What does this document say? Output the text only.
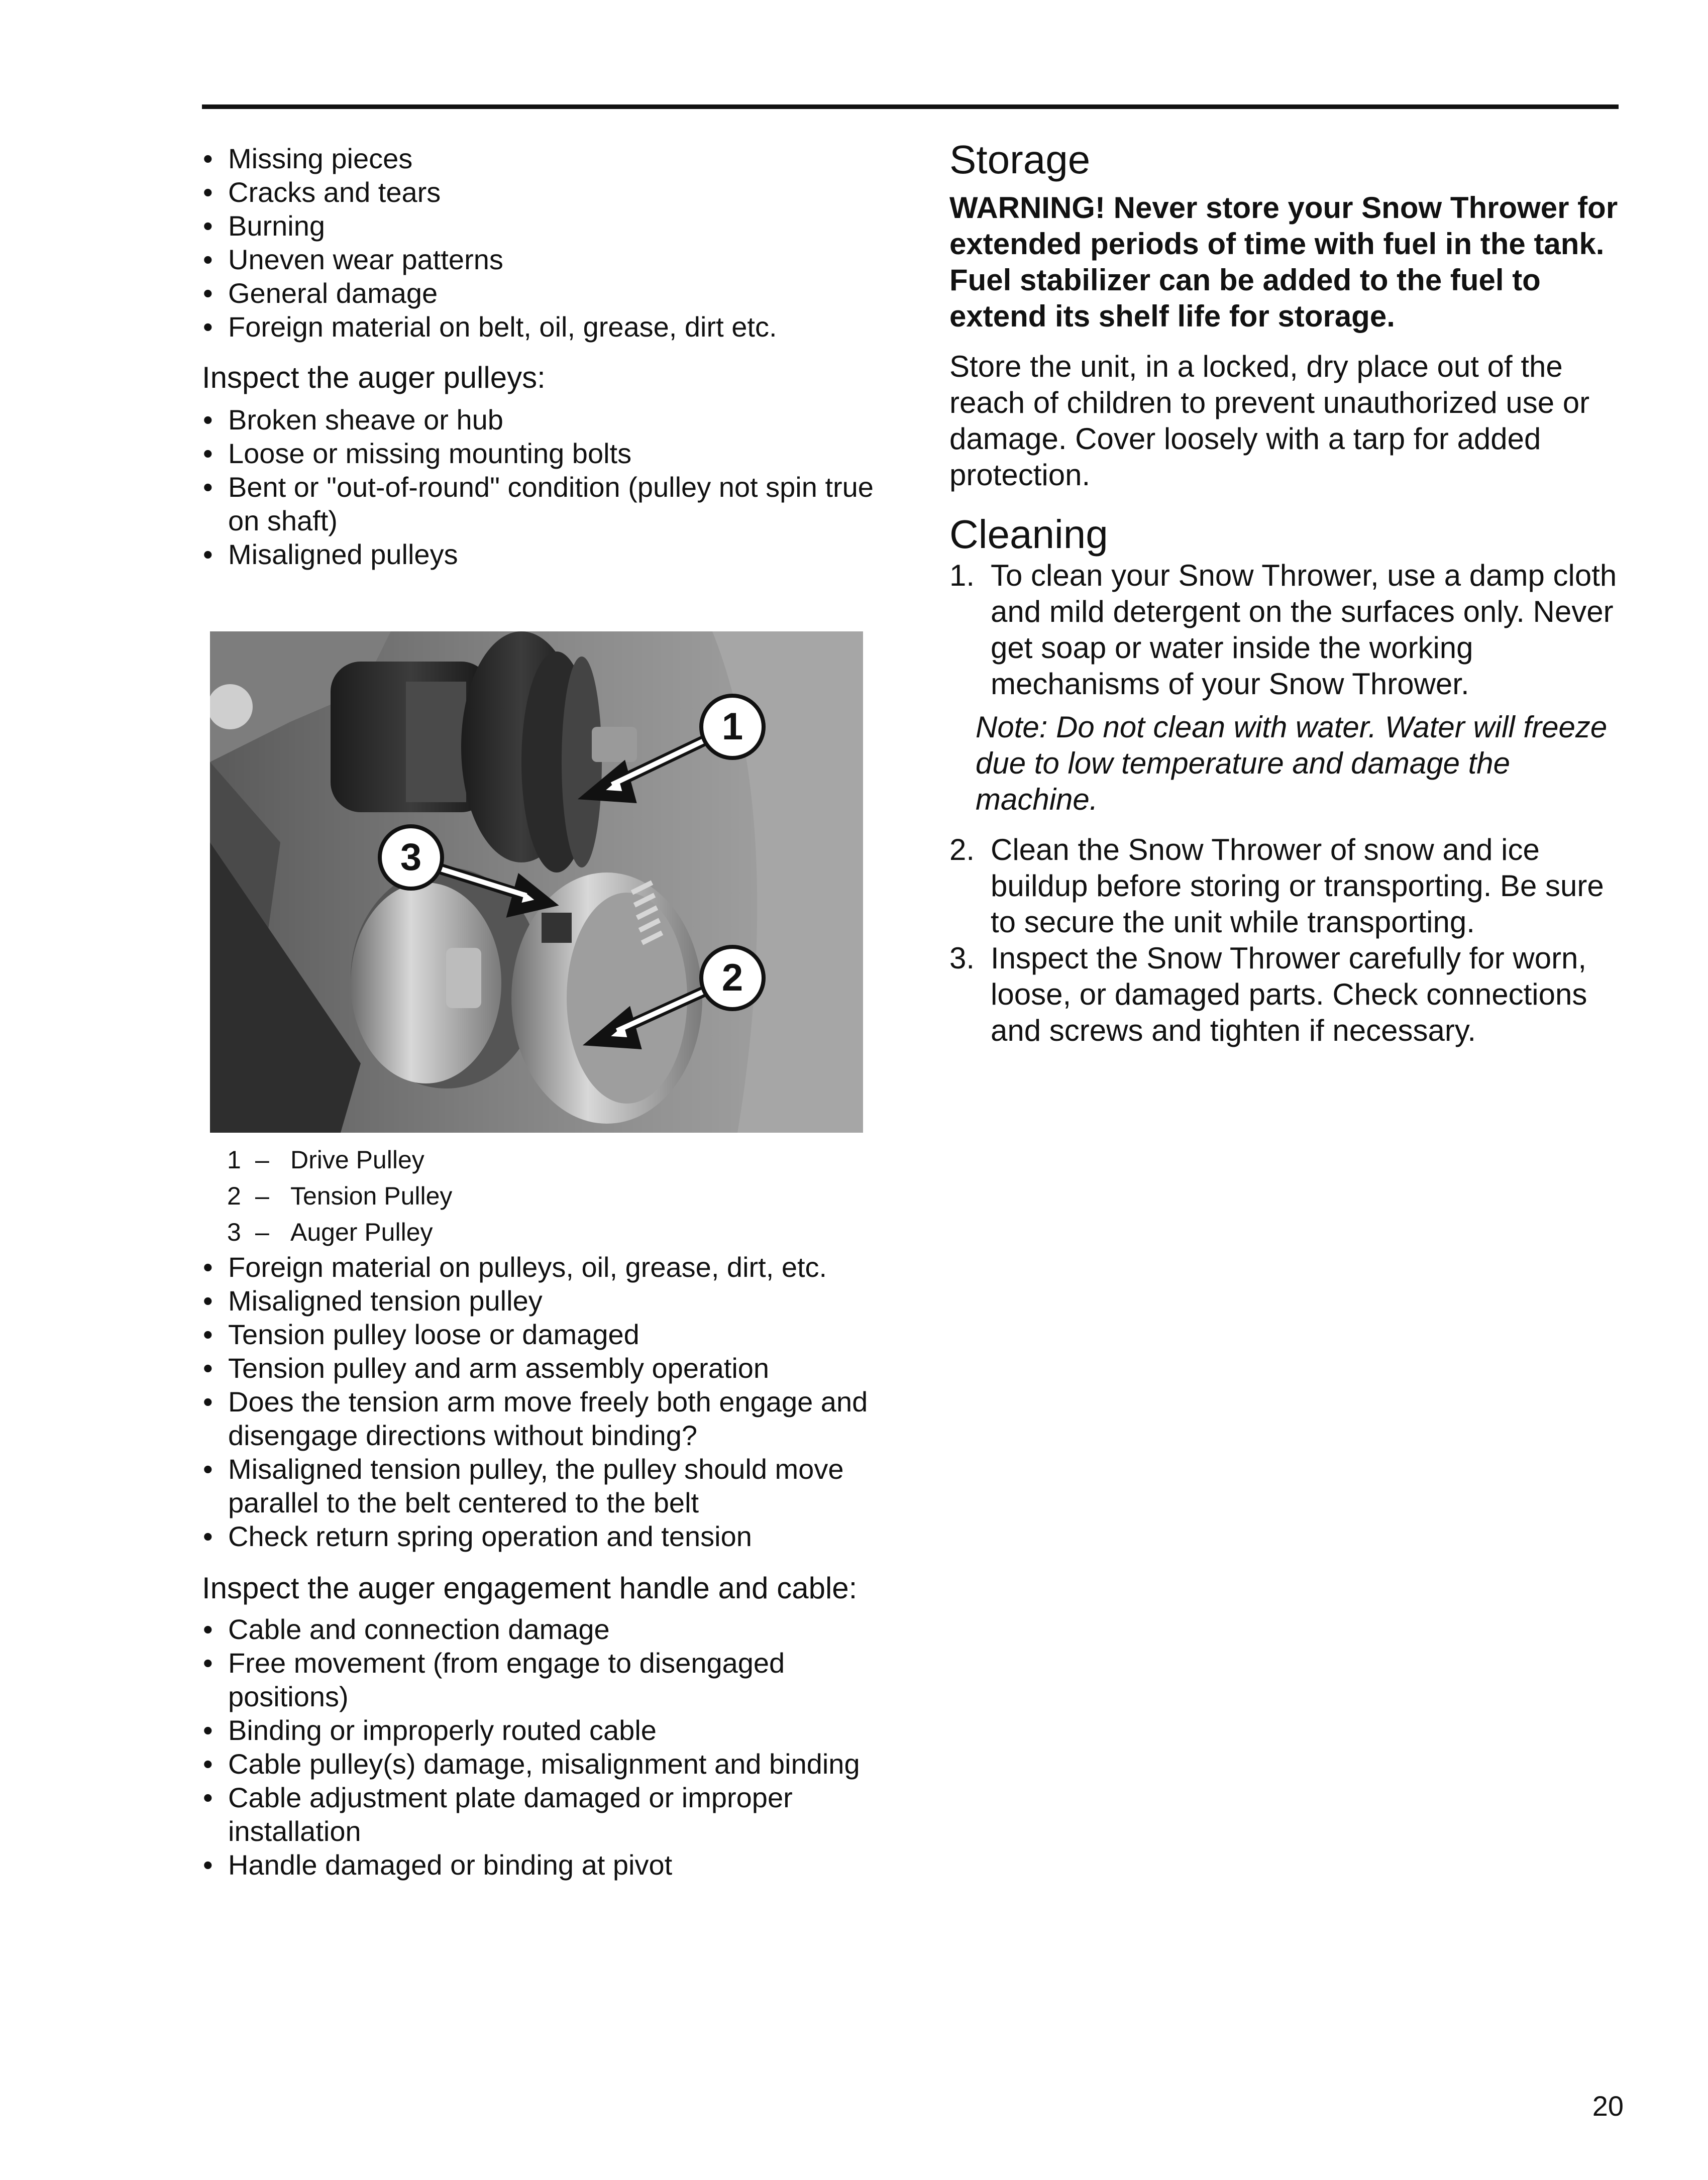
• Missing pieces
• Cracks and tears
• Burning
• Uneven wear patterns
• General damage
• Foreign material on belt, oil, grease, dirt etc.

Inspect the auger pulleys:

• Broken sheave or hub
• Loose or missing mounting bolts
• Bent or "out-of-round" condition (pulley not spin true on shaft)
• Misaligned pulleys
1
2
3
1 – Drive Pulley
2 – Tension Pulley
3 – Auger Pulley
• Foreign material on pulleys, oil, grease, dirt, etc.
• Misaligned tension pulley
• Tension pulley loose or damaged
• Tension pulley and arm assembly operation
• Does the tension arm move freely both engage and disengage directions without binding?
• Misaligned tension pulley, the pulley should move parallel to the belt centered to the belt
• Check return spring operation and tension

Inspect the auger engagement handle and cable:

• Cable and connection damage
• Free movement (from engage to disengaged positions)
• Binding or improperly routed cable
• Cable pulley(s) damage, misalignment and binding
• Cable adjustment plate damaged or improper installation
• Handle damaged or binding at pivot
Storage

WARNING! Never store your Snow Thrower for extended periods of time with fuel in the tank. Fuel stabilizer can be added to the fuel to extend its shelf life for storage.

Store the unit, in a locked, dry place out of the reach of children to prevent unauthorized use or damage. Cover loosely with a tarp for added protection.

Cleaning
1. To clean your Snow Thrower, use a damp cloth and mild detergent on the surfaces only. Never get soap or water inside the working mechanisms of your Snow Thrower.

Note: Do not clean with water. Water will freeze due to low temperature and damage the machine.

2. Clean the Snow Thrower of snow and ice buildup before storing or transporting. Be sure to secure the unit while transporting.
3. Inspect the Snow Thrower carefully for worn, loose, or damaged parts. Check connections and screws and tighten if necessary.
20
